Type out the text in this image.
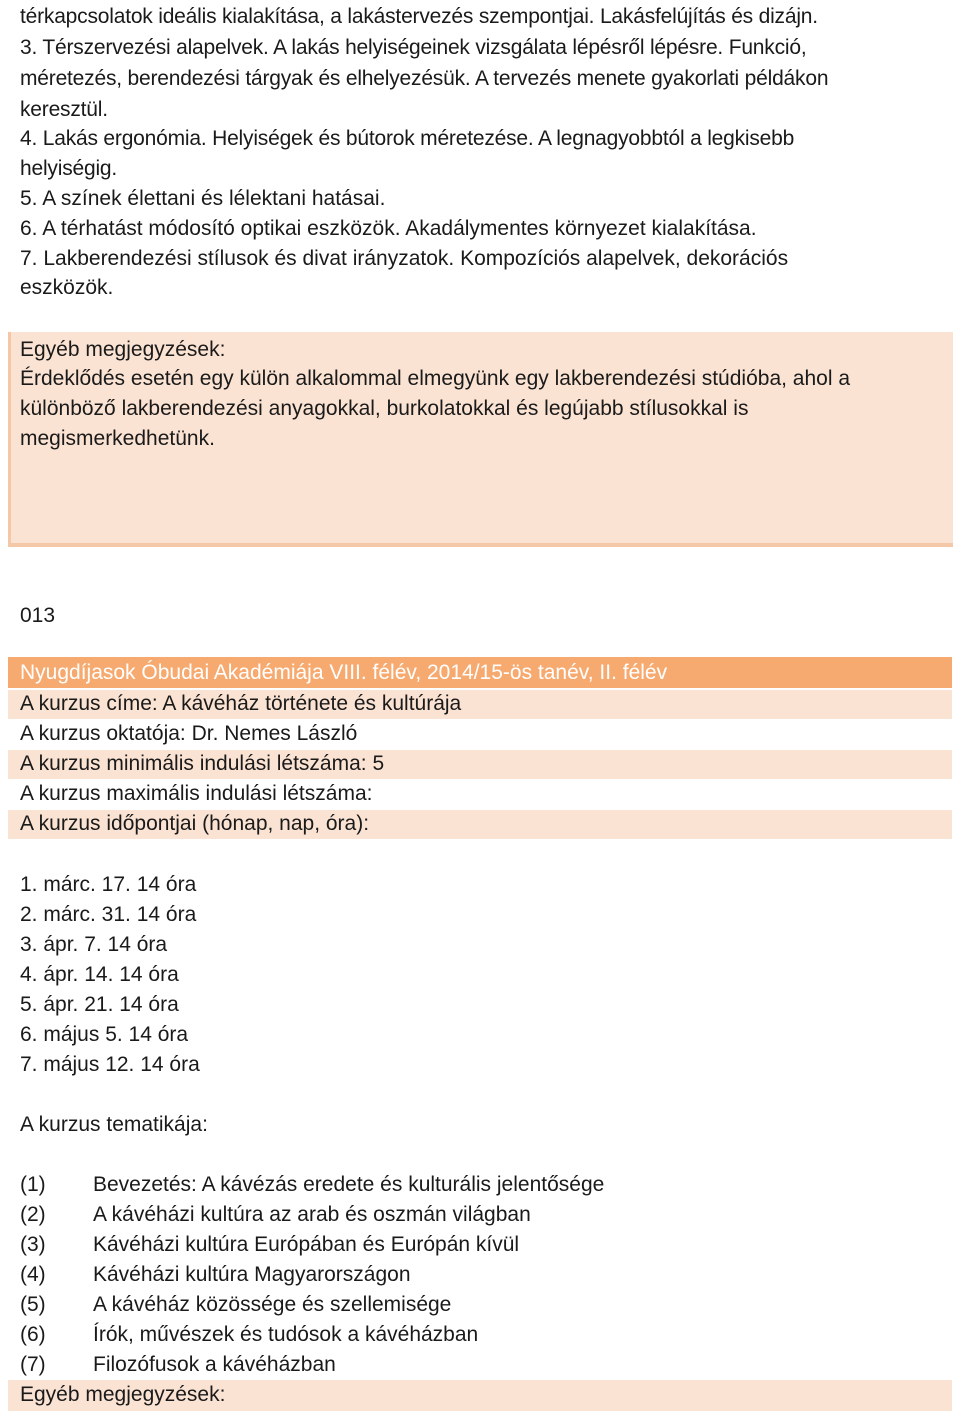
térkapcsolatok ideális kialakítása, a lakástervezés szempontjai. Lakásfelújítás és dizájn.
3. Térszervezési alapelvek. A lakás helyiségeinek vizsgálata lépésről lépésre. Funkció,
méretezés, berendezési tárgyak és elhelyezésük. A tervezés menete gyakorlati példákon
keresztül.
4. Lakás ergonómia. Helyiségek és bútorok méretezése. A legnagyobbtól a legkisebb
helyiségig.
5. A színek élettani és lélektani hatásai.
6. A térhatást módosító optikai eszközök. Akadálymentes környezet kialakítása.
7. Lakberendezési stílusok és divat irányzatok. Kompozíciós alapelvek, dekorációs
eszközök.
Egyéb megjegyzések:
Érdeklődés esetén egy külön alkalommal elmegyünk egy lakberendezési stúdióba, ahol a
különböző lakberendezési anyagokkal, burkolatokkal és legújabb stílusokkal is
megismerkedhetünk.
013
Nyugdíjasok Óbudai Akadémiája VIII. félév, 2014/15-ös tanév, II. félév
A kurzus címe: A kávéház története és kultúrája
A kurzus oktatója: Dr. Nemes László
A kurzus minimális indulási létszáma: 5
A kurzus maximális indulási létszáma:
A kurzus időpontjai (hónap, nap, óra):
1. márc. 17. 14 óra
2. márc. 31. 14 óra
3. ápr. 7. 14 óra
4. ápr. 14. 14 óra
5. ápr. 21. 14 óra
6. május 5. 14 óra
7. május 12. 14 óra
A kurzus tematikája:
(1) Bevezetés: A kávézás eredete és kulturális jelentősége
(2) A kávéházi kultúra az arab és oszmán világban
(3) Kávéházi kultúra Európában és Európán kívül
(4) Kávéházi kultúra Magyarországon
(5) A kávéház közössége és szellemisége
(6) Írók, művészek és tudósok a kávéházban
(7) Filozófusok a kávéházban
Egyéb megjegyzések:
